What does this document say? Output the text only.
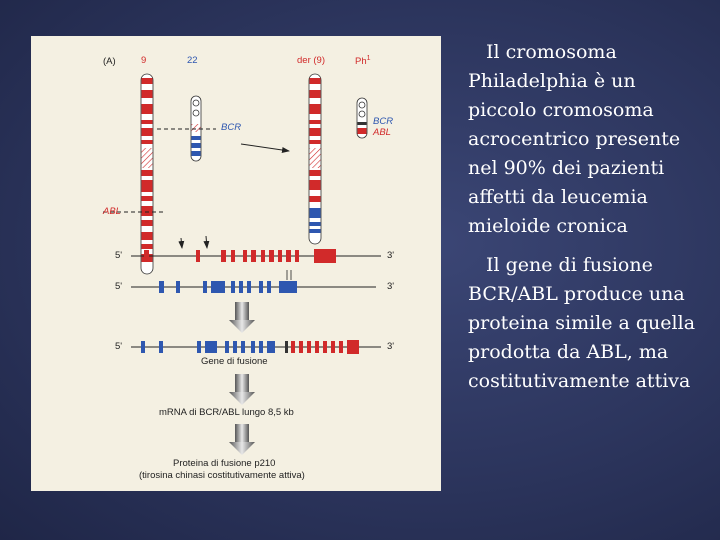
(A)	9	22	der (9)	Ph$^1$
BCR
ABL
BCR
ABL
5'	3'
5'	3'
5'	3'
Gene di fusione
mRNA di BCR/ABL lungo 8,5 kb
Proteina di fusione p210
(tirosina chinasi costitutivamente attiva)

Il cromosoma Philadelphia è un piccolo cromosoma acrocentrico presente nel 90% dei pazienti affetti da leucemia mieloide cronica

Il gene di fusione BCR/ABL produce una proteina simile a quella prodotta da ABL, ma costitutivamente attiva
